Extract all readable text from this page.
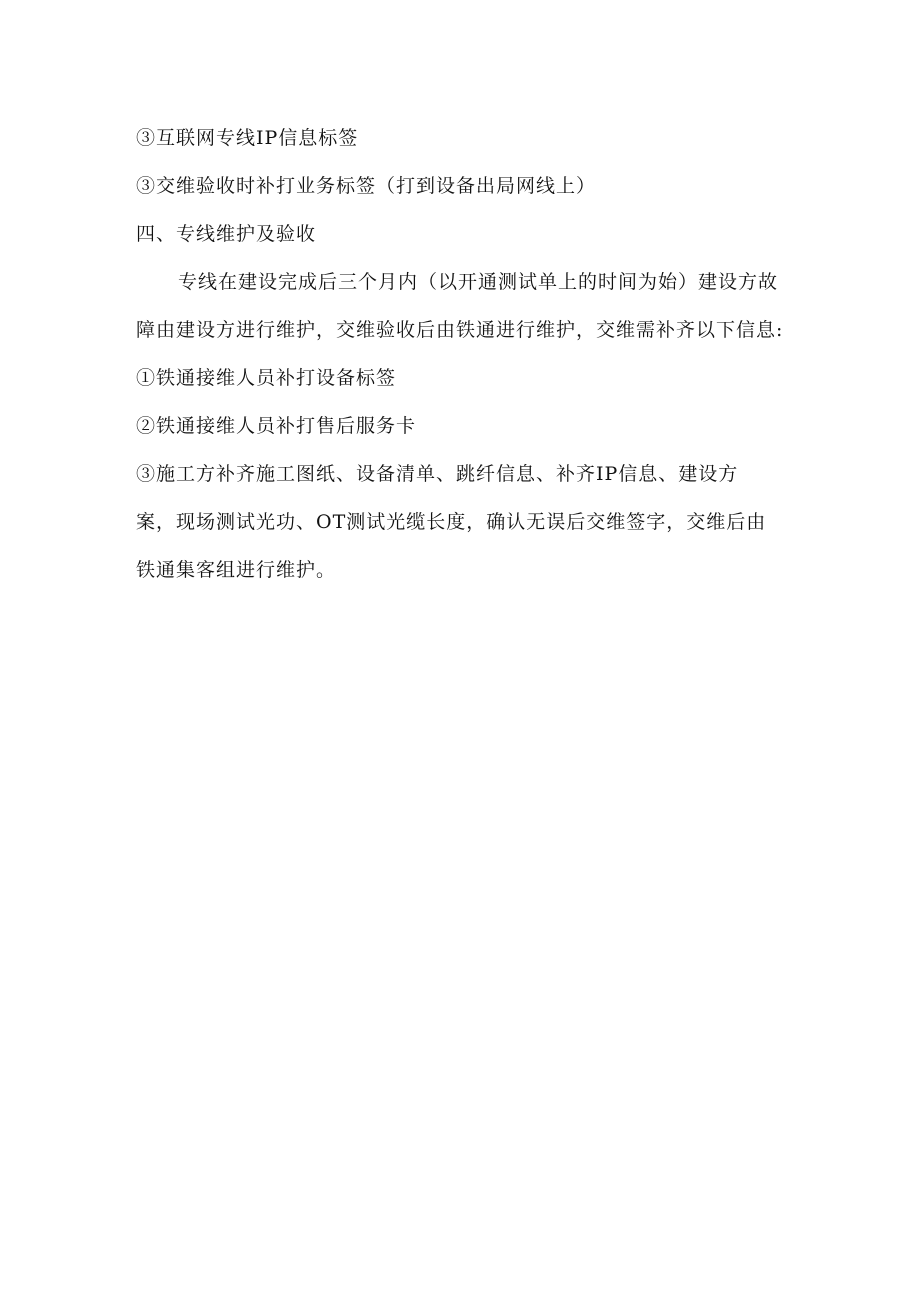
③互联网专线IP信息标签

③交维验收时补打业务标签（打到设备出局网线上）

四、专线维护及验收

专线在建设完成后三个月内（以开通测试单上的时间为始）建设方故

障由建设方进行维护，交维验收后由铁通进行维护，交维需补齐以下信息:

①铁通接维人员补打设备标签

②铁通接维人员补打售后服务卡

③施工方补齐施工图纸、设备清单、跳纤信息、补齐IP信息、建设方

案，现场测试光功、OT测试光缆长度，确认无误后交维签字，交维后由

铁通集客组进行维护。
